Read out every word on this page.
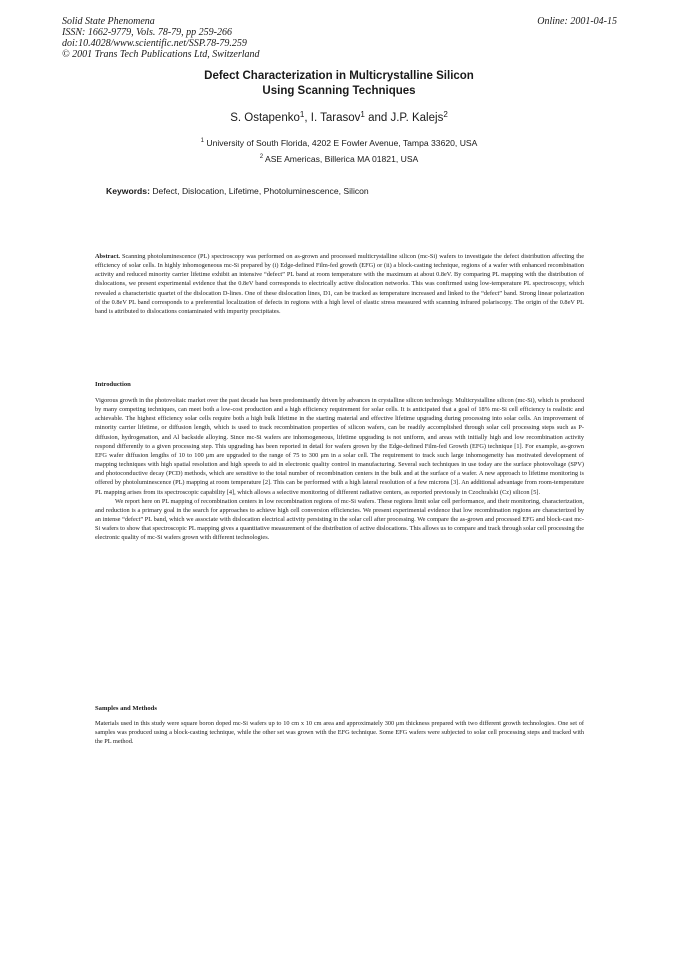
Solid State Phenomena
ISSN: 1662-9779, Vols. 78-79, pp 259-266
doi:10.4028/www.scientific.net/SSP.78-79.259
© 2001 Trans Tech Publications Ltd, Switzerland
Online: 2001-04-15
Defect Characterization in Multicrystalline Silicon
Using Scanning Techniques
S. Ostapenko$^1$, I. Tarasov$^1$ and J.P. Kalejs$^2$
$^1$ University of South Florida, 4202 E Fowler Avenue, Tampa 33620, USA
$^2$ ASE Americas, Billerica MA 01821, USA
Keywords: Defect, Dislocation, Lifetime, Photoluminescence, Silicon

Abstract. Scanning photoluminescence (PL) spectroscopy was performed on as-grown and processed multicrystalline silicon (mc-Si) wafers to investigate the defect distribution affecting the efficiency of solar cells. In highly inhomogeneous mc-Si prepared by (i) Edge-defined Film-fed growth (EFG) or (ii) a block-casting technique, regions of a wafer with enhanced recombination activity and reduced minority carrier lifetime exhibit an intensive “defect” PL band at room temperature with the maximum at about 0.8eV. By comparing PL mapping with the distribution of dislocations, we present experimental evidence that the 0.8eV band corresponds to electrically active dislocation networks. This was confirmed using low-temperature PL spectroscopy, which revealed a characteristic quartet of the dislocation D-lines. One of these dislocation lines, D1, can be tracked as temperature increased and linked to the “defect” band. Strong linear polarization of the 0.8eV PL band corresponds to a preferential localization of defects in regions with a high level of elastic stress measured with scanning infrared polariscopy. The origin of the 0.8eV PL band is attributed to dislocations contaminated with impurity precipitates.

Introduction

Vigorous growth in the photovoltaic market over the past decade has been predominantly driven by advances in crystalline silicon technology. Multicrystalline silicon (mc-Si), which is produced by many competing techniques, can meet both a low-cost production and a high efficiency requirement for solar cells. It is anticipated that a goal of 18% mc-Si cell efficiency is realistic and achievable. The highest efficiency solar cells require both a high bulk lifetime in the starting material and effective lifetime upgrading during processing into solar cells. An improvement of minority carrier lifetime, or diffusion length, which is used to track recombination properties of silicon wafers, can be readily accomplished through solar cell processing steps such as P-diffusion, hydrogenation, and Al backside alloying. Since mc-Si wafers are inhomogeneous, lifetime upgrading is not uniform, and areas with initially high and low recombination activity respond differently to a given processing step. This upgrading has been reported in detail for wafers grown by the Edge-defined Film-fed Growth (EFG) technique [1]. For example, as-grown EFG wafer diffusion lengths of 10 to 100 μm are upgraded to the range of 75 to 300 μm in a solar cell. The requirement to track such large inhomogeneity has motivated development of mapping techniques with high spatial resolution and high speeds to aid in electronic quality control in manufacturing. Several such techniques in use today are the surface photovoltage (SPV) and photoconductive decay (PCD) methods, which are sensitive to the total number of recombination centers in the bulk and at the surface of a wafer. A new approach to lifetime monitoring is offered by photoluminescence (PL) mapping at room temperature [2]. This can be performed with a high lateral resolution of a few microns [3]. An additional advantage from room-temperature PL mapping arises from its spectroscopic capability [4], which allows a selective monitoring of different radiative centers, as reported previously in Czochralski (Cz) silicon [5].

We report here on PL mapping of recombination centers in low recombination regions of mc-Si wafers. These regions limit solar cell performance, and their monitoring, characterization, and reduction is a primary goal in the search for approaches to achieve high cell conversion efficiencies. We present experimental evidence that low recombination regions are characterized by an intense “defect” PL band, which we associate with dislocation electrical activity persisting in the solar cell after processing. We compare the as-grown and processed EFG and block-cast mc-Si wafers to show that spectroscopic PL mapping gives a quantitative measurement of the distribution of active dislocations. This allows us to compare and track through solar cell processing the electronic quality of mc-Si wafers grown with different technologies.

Samples and Methods

Materials used in this study were square boron doped mc-Si wafers up to 10 cm x 10 cm area and approximately 300 μm thickness prepared with two different growth technologies. One set of samples was produced using a block-casting technique, while the other set was grown with the EFG technique. Some EFG wafers were subjected to solar cell processing steps and tracked with the PL method.
